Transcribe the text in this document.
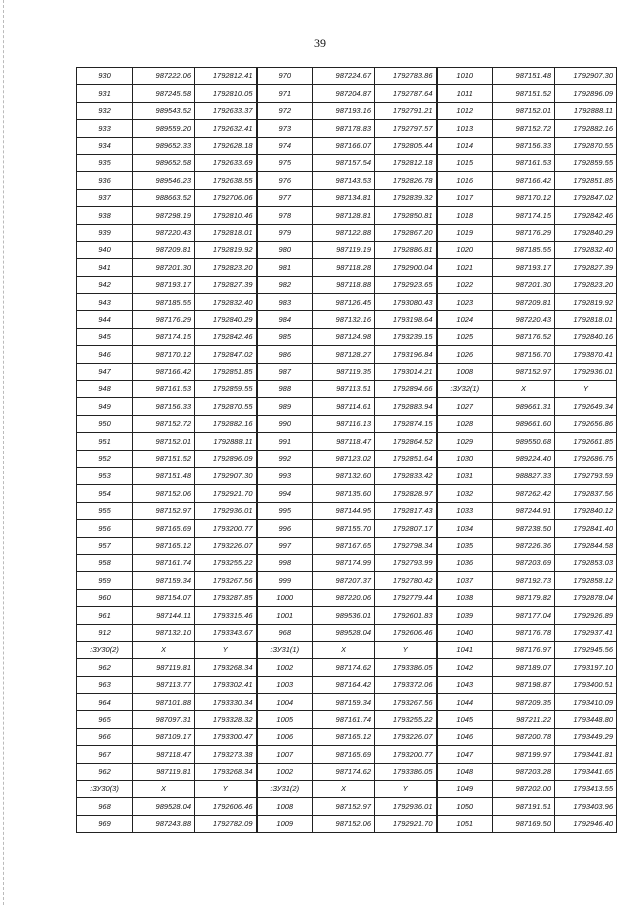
39
930	987222.06	1792812.41	970	987224.67	1792783.86	1010	987151.48	1792907.30
931	987245.58	1792810.05	971	987204.87	1792787.64	1011	987151.52	1792896.09
932	989543.52	1792633.37	972	987193.16	1792791.21	1012	987152.01	1792888.11
933	989559.20	1792632.41	973	987178.83	1792797.57	1013	987152.72	1792882.16
934	989652.33	1792628.18	974	987166.07	1792805.44	1014	987156.33	1792870.55
935	989652.58	1792633.69	975	987157.54	1792812.18	1015	987161.53	1792859.55
936	989546.23	1792638.55	976	987143.53	1792826.78	1016	987166.42	1792851.85
937	988663.52	1792706.06	977	987134.81	1792839.32	1017	987170.12	1792847.02
938	987298.19	1792810.46	978	987128.81	1792850.81	1018	987174.15	1792842.46
939	987220.43	1792818.01	979	987122.88	1792867.20	1019	987176.29	1792840.29
940	987209.81	1792819.92	980	987119.19	1792886.81	1020	987185.55	1792832.40
941	987201.30	1792823.20	981	987118.28	1792900.04	1021	987193.17	1792827.39
942	987193.17	1792827.39	982	987118.88	1792923.65	1022	987201.30	1792823.20
943	987185.55	1792832.40	983	987126.45	1793080.43	1023	987209.81	1792819.92
944	987176.29	1792840.29	984	987132.16	1793198.64	1024	987220.43	1792818.01
945	987174.15	1792842.46	985	987124.98	1793239.15	1025	987176.52	1792840.16
946	987170.12	1792847.02	986	987128.27	1793196.84	1026	987156.70	1793870.41
947	987166.42	1792851.85	987	987119.35	1793014.21	1008	987152.97	1792936.01
948	987161.53	1792859.55	988	987113.51	1792894.66	:ЗУ32(1)	X	Y
949	987156.33	1792870.55	989	987114.61	1792883.94	1027	989661.31	1792649.34
950	987152.72	1792882.16	990	987116.13	1792874.15	1028	989661.60	1792656.86
951	987152.01	1792888.11	991	987118.47	1792864.52	1029	989550.68	1792661.85
952	987151.52	1792896.09	992	987123.02	1792851.64	1030	989224.40	1792686.75
953	987151.48	1792907.30	993	987132.60	1792833.42	1031	988827.33	1792793.59
954	987152.06	1792921.70	994	987135.60	1792828.97	1032	987262.42	1792837.56
955	987152.97	1792936.01	995	987144.95	1792817.43	1033	987244.91	1792840.12
956	987165.69	1793200.77	996	987155.70	1792807.17	1034	987238.50	1792841.40
957	987165.12	1793226.07	997	987167.65	1792798.34	1035	987226.36	1792844.58
958	987161.74	1793255.22	998	987174.99	1792793.99	1036	987203.69	1792853.03
959	987159.34	1793267.56	999	987207.37	1792780.42	1037	987192.73	1792858.12
960	987154.07	1793287.85	1000	987220.06	1792779.44	1038	987179.82	1792878.04
961	987144.11	1793315.46	1001	989536.01	1792601.83	1039	987177.04	1792926.89
912	987132.10	1793343.67	968	989528.04	1792606.46	1040	987176.78	1792937.41
:ЗУ30(2)	X	Y	:ЗУ31(1)	X	Y	1041	987176.97	1792945.56
962	987119.81	1793268.34	1002	987174.62	1793386.05	1042	987189.07	1793197.10
963	987113.77	1793302.41	1003	987164.42	1793372.06	1043	987198.87	1793400.51
964	987101.88	1793330.34	1004	987159.34	1793267.56	1044	987209.35	1793410.09
965	987097.31	1793328.32	1005	987161.74	1793255.22	1045	987211.22	1793448.80
966	987109.17	1793300.47	1006	987165.12	1793226.07	1046	987200.78	1793449.29
967	987118.47	1793273.38	1007	987165.69	1793200.77	1047	987199.97	1793441.81
962	987119.81	1793268.34	1002	987174.62	1793386.05	1048	987203.28	1793441.65
:ЗУ30(3)	X	Y	:ЗУ31(2)	X	Y	1049	987202.00	1793413.55
968	989528.04	1792606.46	1008	987152.97	1792936.01	1050	987191.51	1793403.96
969	987243.88	1792782.09	1009	987152.06	1792921.70	1051	987169.50	1792946.40
